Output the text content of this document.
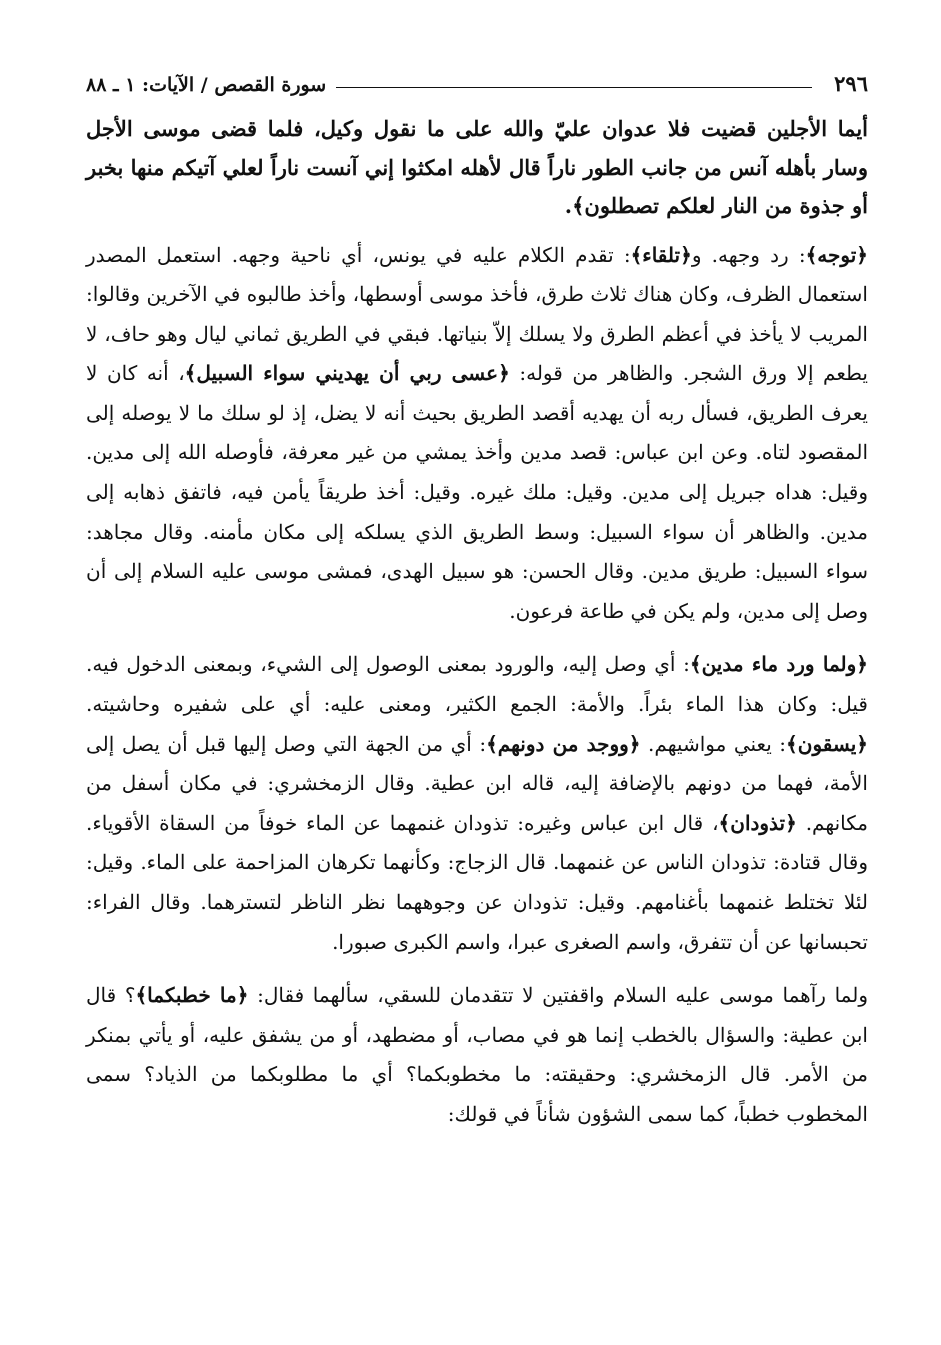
٢٩٦
سورة القصص / الآيات: ١ ـ ٨٨
أيما الأجلين قضيت فلا عدوان عليّ والله على ما نقول وكيل، فلما قضى موسى الأجل وسار بأهله آنس من جانب الطور ناراً قال لأهله امكثوا إني آنست ناراً لعلي آتيكم منها بخبر أو جذوة من النار لعلكم تصطلون﴾.

﴿توجه﴾: رد وجهه. و﴿تلقاء﴾: تقدم الكلام عليه في يونس، أي ناحية وجهه. استعمل المصدر استعمال الظرف، وكان هناك ثلاث طرق، فأخذ موسى أوسطها، وأخذ طالبوه في الآخرين وقالوا: المريب لا يأخذ في أعظم الطرق ولا يسلك إلاّ بنياتها. فبقي في الطريق ثماني ليال وهو حاف، لا يطعم إلا ورق الشجر. والظاهر من قوله: ﴿عسى ربي أن يهديني سواء السبيل﴾، أنه كان لا يعرف الطريق، فسأل ربه أن يهديه أقصد الطريق بحيث أنه لا يضل، إذ لو سلك ما لا يوصله إلى المقصود لتاه. وعن ابن عباس: قصد مدين وأخذ يمشي من غير معرفة، فأوصله الله إلى مدين. وقيل: هداه جبريل إلى مدين. وقيل: ملك غيره. وقيل: أخذ طريقاً يأمن فيه، فاتفق ذهابه إلى مدين. والظاهر أن سواء السبيل: وسط الطريق الذي يسلكه إلى مكان مأمنه. وقال مجاهد: سواء السبيل: طريق مدين. وقال الحسن: هو سبيل الهدى، فمشى موسى عليه السلام إلى أن وصل إلى مدين، ولم يكن في طاعة فرعون.

﴿ولما ورد ماء مدين﴾: أي وصل إليه، والورود بمعنى الوصول إلى الشيء، وبمعنى الدخول فيه. قيل: وكان هذا الماء بئراً. والأمة: الجمع الكثير، ومعنى عليه: أي على شفيره وحاشيته. ﴿يسقون﴾: يعني مواشيهم. ﴿ووجد من دونهم﴾: أي من الجهة التي وصل إليها قبل أن يصل إلى الأمة، فهما من دونهم بالإضافة إليه، قاله ابن عطية. وقال الزمخشري: في مكان أسفل من مكانهم. ﴿تذودان﴾، قال ابن عباس وغيره: تذودان غنمهما عن الماء خوفاً من السقاة الأقوياء. وقال قتادة: تذودان الناس عن غنمهما. قال الزجاج: وكأنهما تكرهان المزاحمة على الماء. وقيل: لئلا تختلط غنمهما بأغنامهم. وقيل: تذودان عن وجوههما نظر الناظر لتسترهما. وقال الفراء: تحبسانها عن أن تتفرق، واسم الصغرى عبرا، واسم الكبرى صبورا.

ولما رآهما موسى عليه السلام واقفتين لا تتقدمان للسقي، سألهما فقال: ﴿ما خطبكما﴾؟ قال ابن عطية: والسؤال بالخطب إنما هو في مصاب، أو مضطهد، أو من يشفق عليه، أو يأتي بمنكر من الأمر. قال الزمخشري: وحقيقته: ما مخطوبكما؟ أي ما مطلوبكما من الذياد؟ سمى المخطوب خطباً، كما سمى الشؤون شأناً في قولك:
